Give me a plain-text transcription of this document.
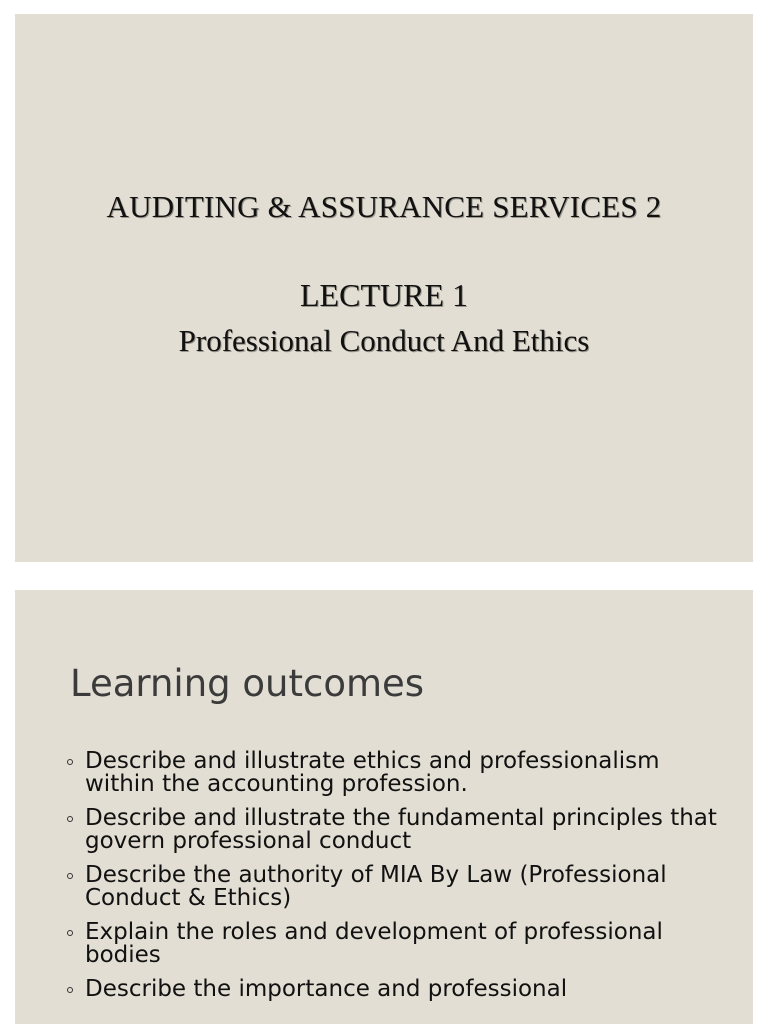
AUDITING & ASSURANCE SERVICES 2
LECTURE 1
Professional Conduct And Ethics
Learning outcomes
Describe and illustrate ethics and professionalism within the accounting profession.
Describe and illustrate the fundamental principles that govern professional conduct
Describe the authority of MIA By Law (Professional Conduct & Ethics)
Explain the roles and development of professional bodies
Describe the importance and professional
